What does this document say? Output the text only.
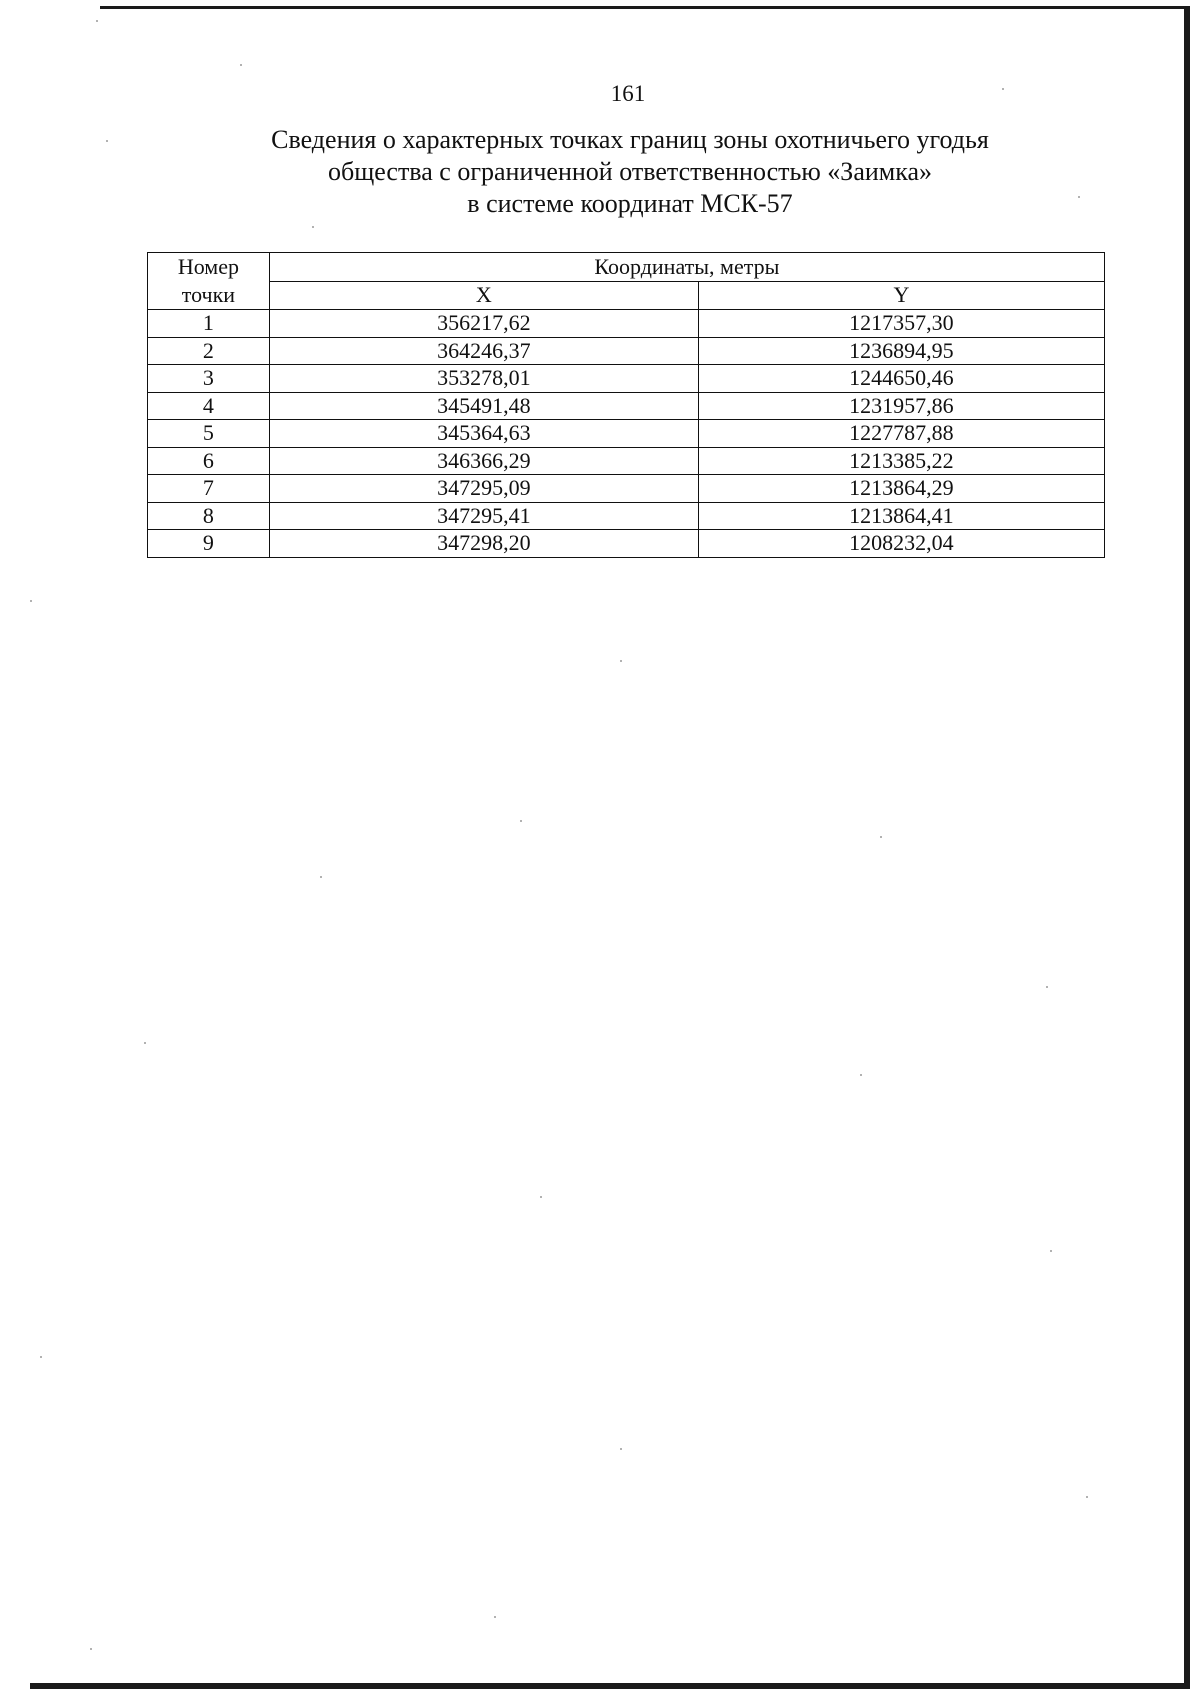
161
Сведения о характерных точках границ зоны охотничьего угодья
общества с ограниченной ответственностью «Заимка»
в системе координат МСК-57
Номер
точки	Координаты, метры	
	X	Y
1	356217,62	1217357,30
2	364246,37	1236894,95
3	353278,01	1244650,46
4	345491,48	1231957,86
5	345364,63	1227787,88
6	346366,29	1213385,22
7	347295,09	1213864,29
8	347295,41	1213864,41
9	347298,20	1208232,04
